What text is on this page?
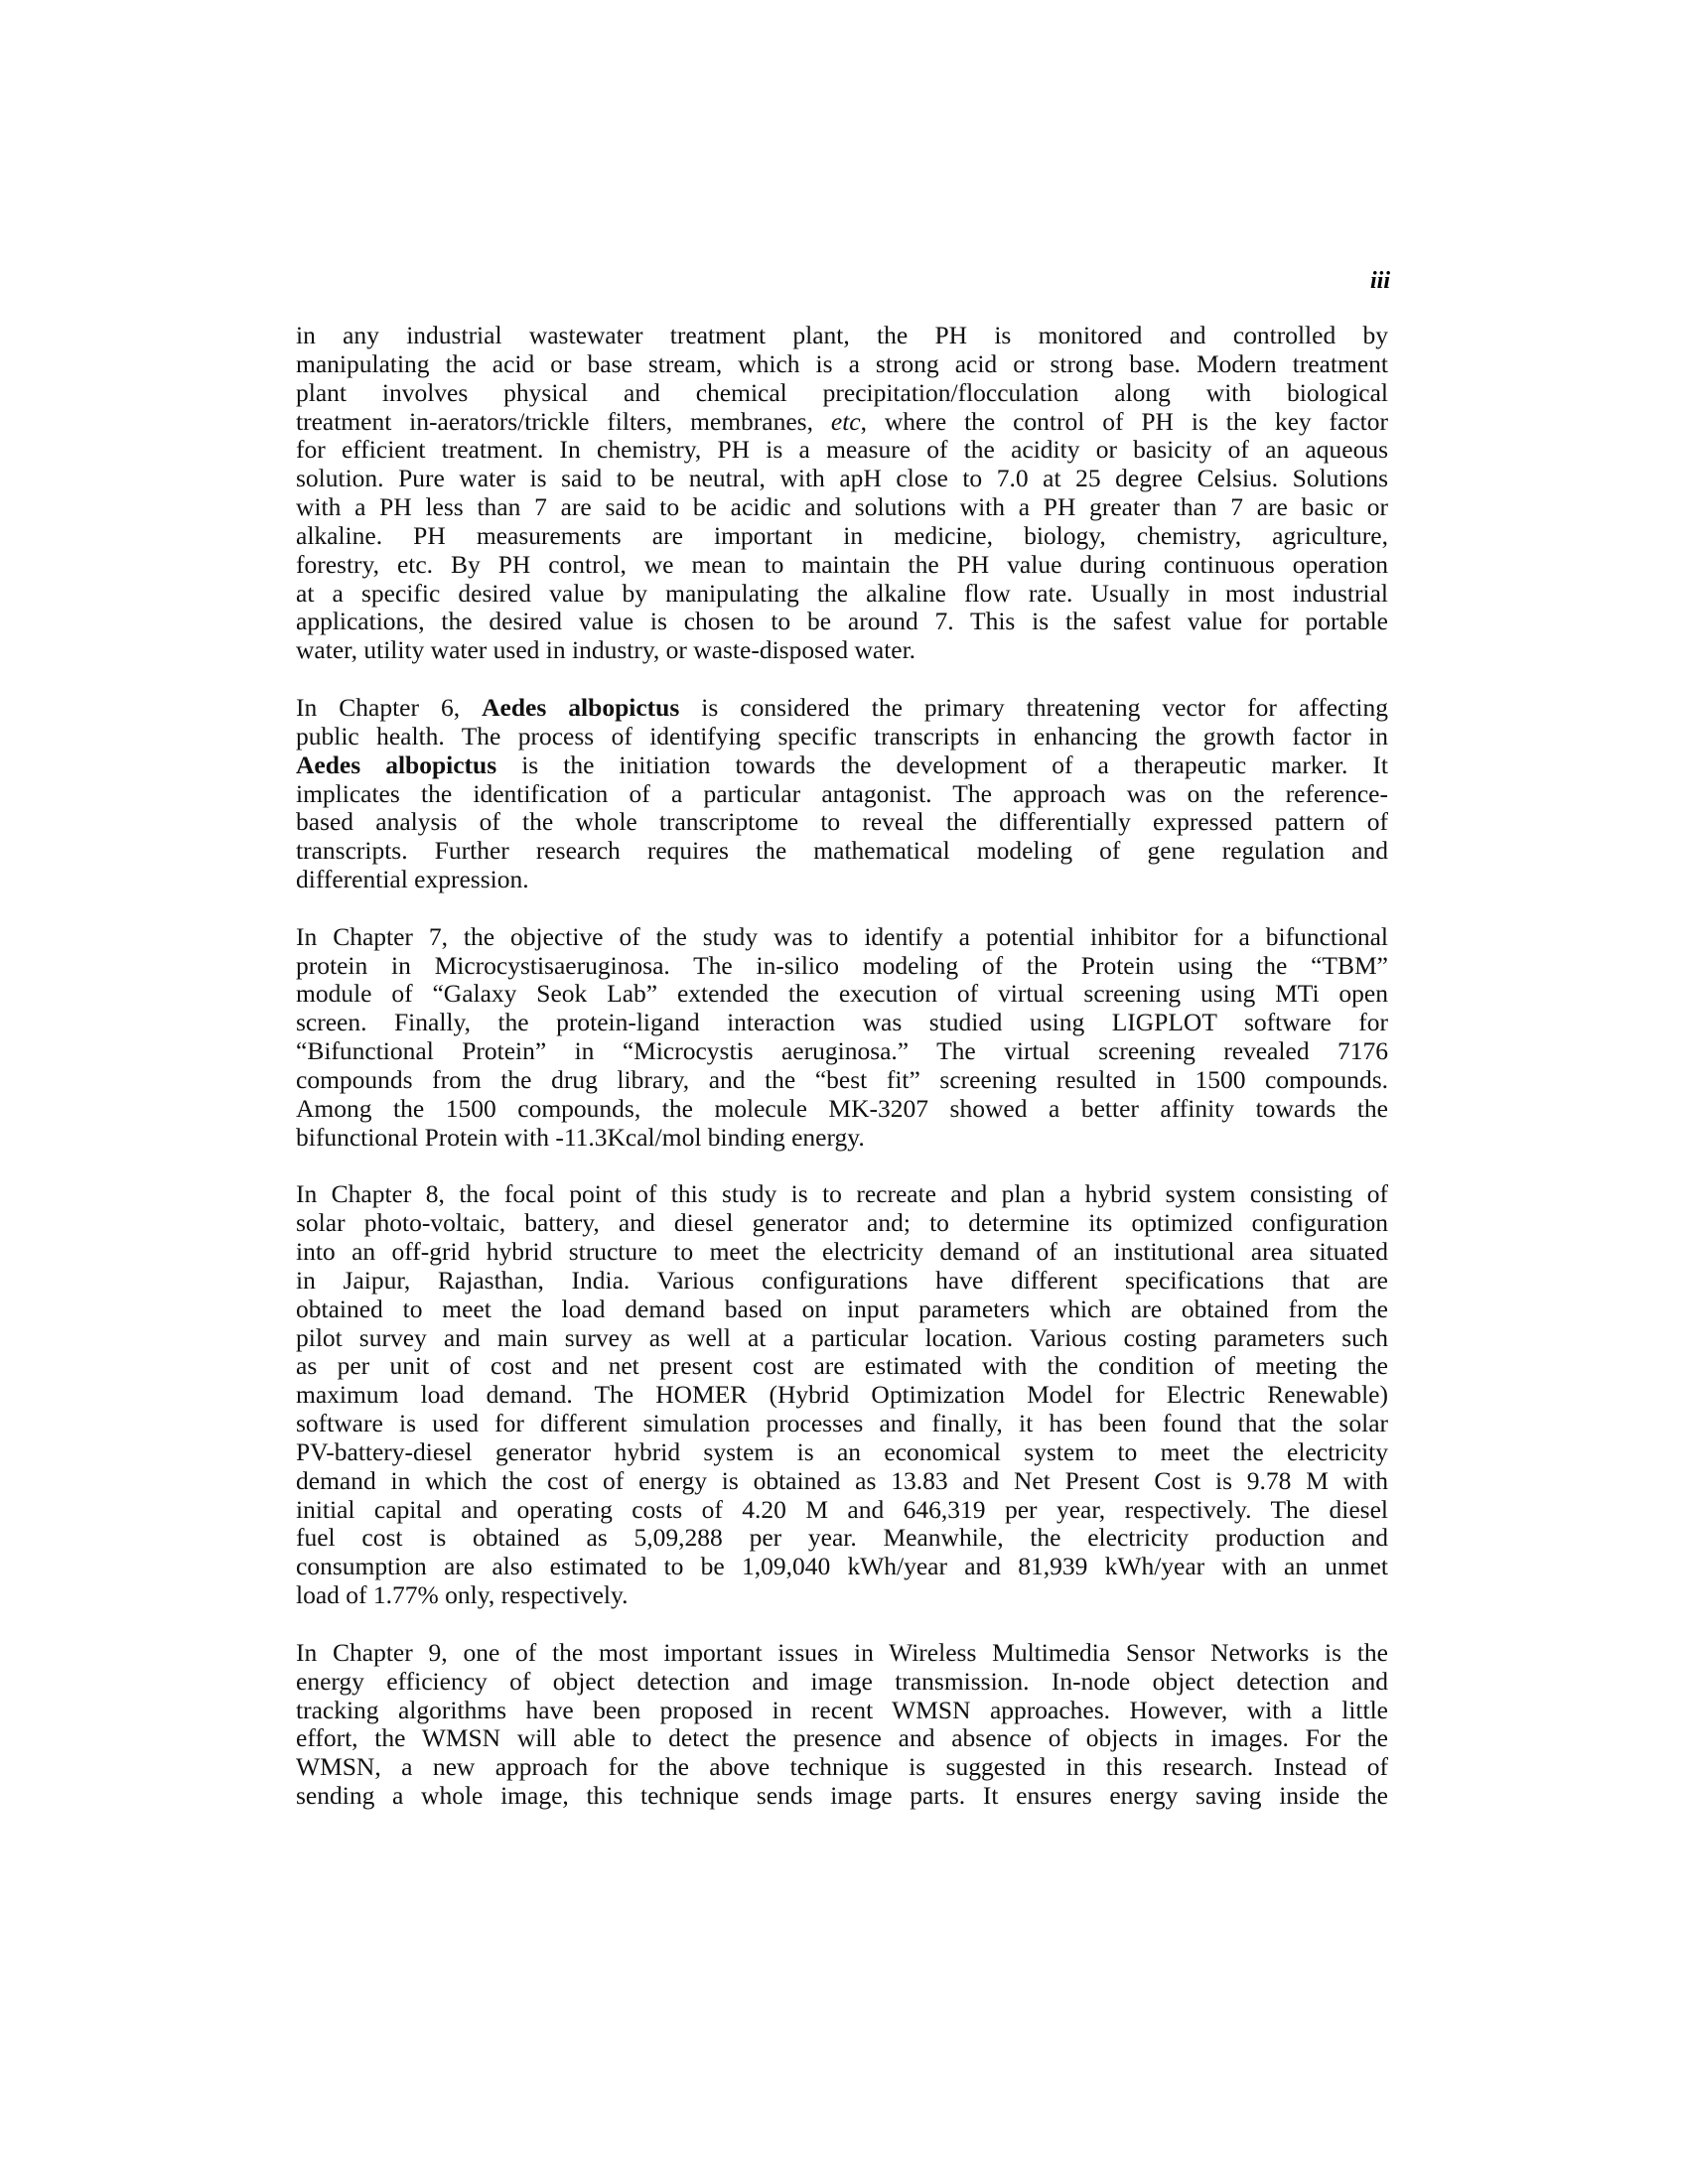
iii
in any industrial wastewater treatment plant, the PH is monitored and controlled by
manipulating the acid or base stream, which is a strong acid or strong base. Modern treatment
plant involves physical and chemical precipitation/flocculation along with biological
treatment in-aerators/trickle filters, membranes, etc, where the control of PH is the key factor
for efficient treatment. In chemistry, PH is a measure of the acidity or basicity of an aqueous
solution. Pure water is said to be neutral, with apH close to 7.0 at 25 degree Celsius. Solutions
with a PH less than 7 are said to be acidic and solutions with a PH greater than 7 are basic or
alkaline. PH measurements are important in medicine, biology, chemistry, agriculture,
forestry, etc. By PH control, we mean to maintain the PH value during continuous operation
at a specific desired value by manipulating the alkaline flow rate. Usually in most industrial
applications, the desired value is chosen to be around 7. This is the safest value for portable
water, utility water used in industry, or waste-disposed water.
In Chapter 6, Aedes albopictus is considered the primary threatening vector for affecting
public health. The process of identifying specific transcripts in enhancing the growth factor in
Aedes albopictus is the initiation towards the development of a therapeutic marker. It
implicates the identification of a particular antagonist. The approach was on the reference-
based analysis of the whole transcriptome to reveal the differentially expressed pattern of
transcripts. Further research requires the mathematical modeling of gene regulation and
differential expression.
In Chapter 7, the objective of the study was to identify a potential inhibitor for a bifunctional
protein in Microcystisaeruginosa. The in-silico modeling of the Protein using the “TBM”
module of “Galaxy Seok Lab” extended the execution of virtual screening using MTi open
screen. Finally, the protein-ligand interaction was studied using LIGPLOT software for
“Bifunctional Protein” in “Microcystis aeruginosa.” The virtual screening revealed 7176
compounds from the drug library, and the “best fit” screening resulted in 1500 compounds.
Among the 1500 compounds, the molecule MK-3207 showed a better affinity towards the
bifunctional Protein with -11.3Kcal/mol binding energy.
In Chapter 8, the focal point of this study is to recreate and plan a hybrid system consisting of
solar photo-voltaic, battery, and diesel generator and; to determine its optimized configuration
into an off-grid hybrid structure to meet the electricity demand of an institutional area situated
in Jaipur, Rajasthan, India. Various configurations have different specifications that are
obtained to meet the load demand based on input parameters which are obtained from the
pilot survey and main survey as well at a particular location. Various costing parameters such
as per unit of cost and net present cost are estimated with the condition of meeting the
maximum load demand. The HOMER (Hybrid Optimization Model for Electric Renewable)
software is used for different simulation processes and finally, it has been found that the solar
PV-battery-diesel generator hybrid system is an economical system to meet the electricity
demand in which the cost of energy is obtained as 13.83 and Net Present Cost is 9.78 M with
initial capital and operating costs of 4.20 M and 646,319 per year, respectively. The diesel
fuel cost is obtained as 5,09,288 per year. Meanwhile, the electricity production and
consumption are also estimated to be 1,09,040 kWh/year and 81,939 kWh/year with an unmet
load of 1.77% only, respectively.
In Chapter 9, one of the most important issues in Wireless Multimedia Sensor Networks is the
energy efficiency of object detection and image transmission. In-node object detection and
tracking algorithms have been proposed in recent WMSN approaches. However, with a little
effort, the WMSN will able to detect the presence and absence of objects in images. For the
WMSN, a new approach for the above technique is suggested in this research. Instead of
sending a whole image, this technique sends image parts. It ensures energy saving inside the
